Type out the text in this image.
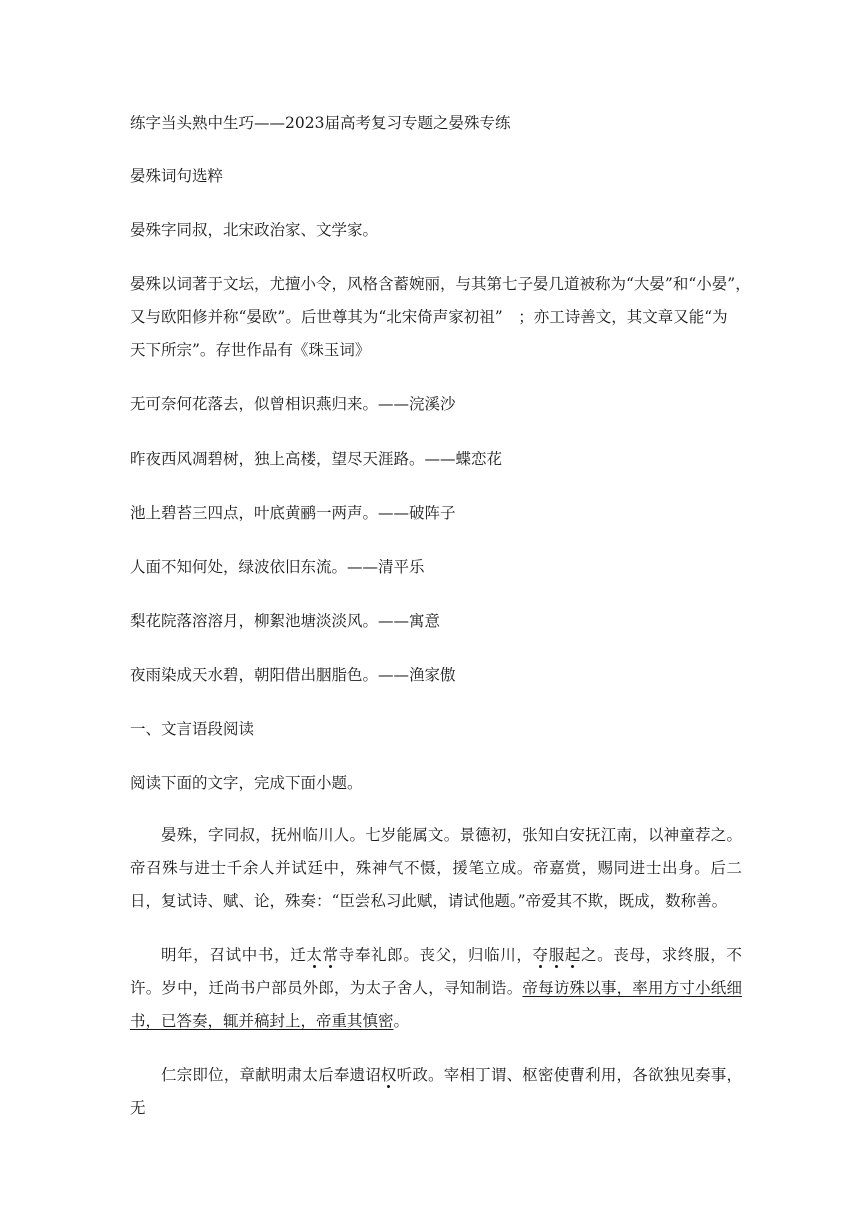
练字当头熟中生巧——2023届高考复习专题之晏殊专练
晏殊词句选粹
晏殊字同叔，北宋政治家、文学家。
晏殊以词著于文坛，尤擅小令，风格含蓄婉丽，与其第七子晏几道被称为“大晏”和“小晏”，
又与欧阳修并称“晏欧”。后世尊其为“北宋倚声家初祖”　；亦工诗善文，其文章又能“为
天下所宗”。存世作品有《珠玉词》
无可奈何花落去，似曾相识燕归来。——浣溪沙
昨夜西风凋碧树，独上高楼，望尽天涯路。——蝶恋花
池上碧苔三四点，叶底黄鹂一两声。——破阵子
人面不知何处，绿波依旧东流。——清平乐
梨花院落溶溶月，柳絮池塘淡淡风。——寓意
夜雨染成天水碧，朝阳借出胭脂色。——渔家傲
一、文言语段阅读
阅读下面的文字，完成下面小题。
晏殊，字同叔，抚州临川人。七岁能属文。景德初，张知白安抚江南，以神童荐之。帝召殊与进士千余人并试廷中，殊神气不慑，援笔立成。帝嘉赏，赐同进士出身。后二日，复试诗、赋、论，殊奏：“臣尝私习此赋，请试他题。”帝爱其不欺，既成，数称善。
明年，召试中书，迁太常寺奉礼郎。丧父，归临川，夺服起之。丧母，求终服，不许。岁中，迁尚书户部员外郎，为太子舍人，寻知制诰。帝每访殊以事，率用方寸小纸细书，已答奏，辄并稿封上，帝重其慎密。
仁宗即位，章献明肃太后奉遗诏权听政。宰相丁谓、枢密使曹利用，各欲独见奏事，无
